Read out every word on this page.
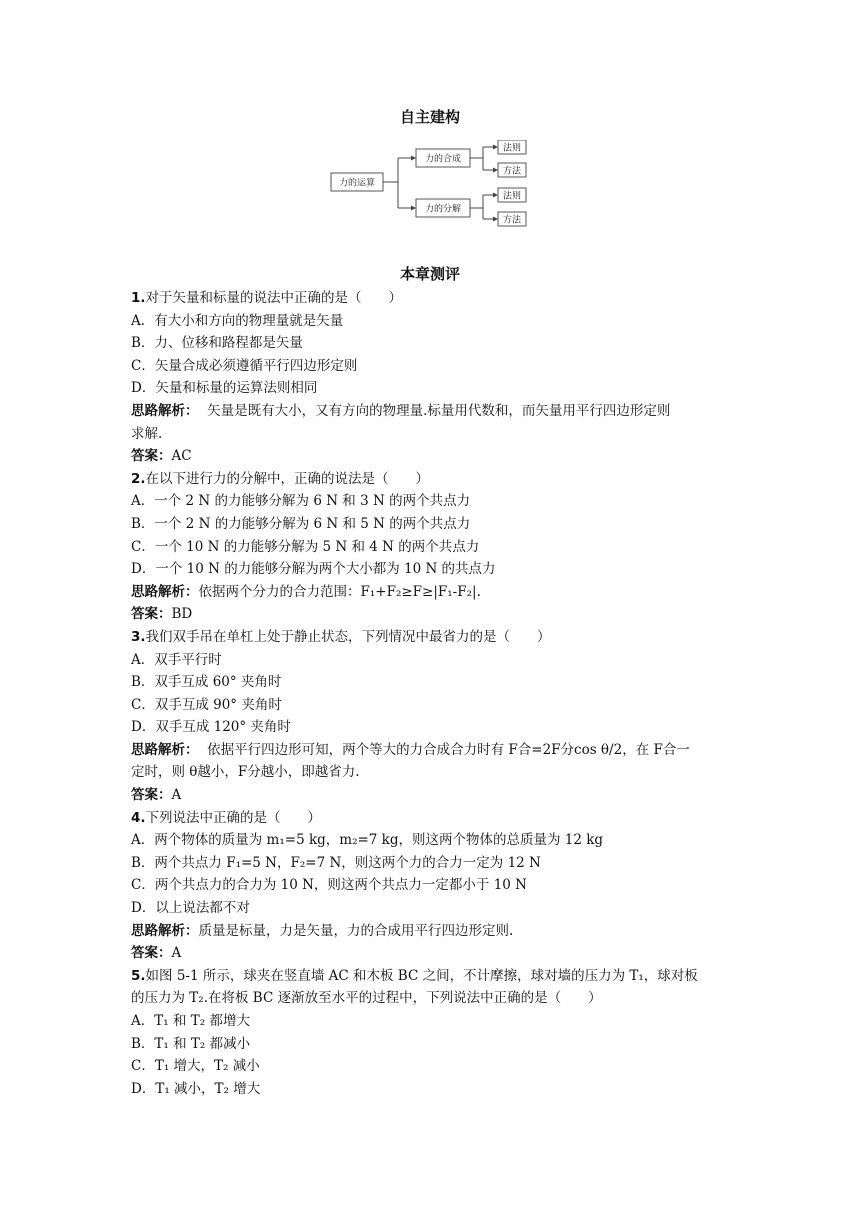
自主建构
力的运算
力的合成
力的分解
法则
方法
法则
方法
本章测评

1.对于矢量和标量的说法中正确的是（　　）

A．有大小和方向的物理量就是矢量

B．力、位移和路程都是矢量

C．矢量合成必须遵循平行四边形定则

D．矢量和标量的运算法则相同

思路解析： 矢量是既有大小，又有方向的物理量.标量用代数和，而矢量用平行四边形定则

求解.

答案：AC

2.在以下进行力的分解中，正确的说法是（　　）

A．一个 2 N 的力能够分解为 6 N 和 3 N 的两个共点力

B．一个 2 N 的力能够分解为 6 N 和 5 N 的两个共点力

C．一个 10 N 的力能够分解为 5 N 和 4 N 的两个共点力

D．一个 10 N 的力能够分解为两个大小都为 10 N 的共点力

思路解析：依据两个分力的合力范围：F₁+F₂≥F≥|F₁-F₂|.

答案：BD

3.我们双手吊在单杠上处于静止状态，下列情况中最省力的是（　　）

A．双手平行时

B．双手互成 60° 夹角时

C．双手互成 90° 夹角时

D．双手互成 120° 夹角时

思路解析： 依据平行四边形可知，两个等大的力合成合力时有 F合=2F分cos θ/2，在 F合一

定时，则 θ越小，F分越小，即越省力.

答案：A

4.下列说法中正确的是（　　）

A．两个物体的质量为 m₁=5 kg，m₂=7 kg，则这两个物体的总质量为 12 kg

B．两个共点力 F₁=5 N，F₂=7 N，则这两个力的合力一定为 12 N

C．两个共点力的合力为 10 N，则这两个共点力一定都小于 10 N

D．以上说法都不对

思路解析：质量是标量，力是矢量，力的合成用平行四边形定则.

答案：A

5.如图 5-1 所示，球夹在竖直墙 AC 和木板 BC 之间，不计摩擦，球对墙的压力为 T₁，球对板

的压力为 T₂.在将板 BC 逐渐放至水平的过程中，下列说法中正确的是（　　）

A．T₁ 和 T₂ 都增大

B．T₁ 和 T₂ 都减小

C．T₁ 增大，T₂ 减小

D．T₁ 减小，T₂ 增大
